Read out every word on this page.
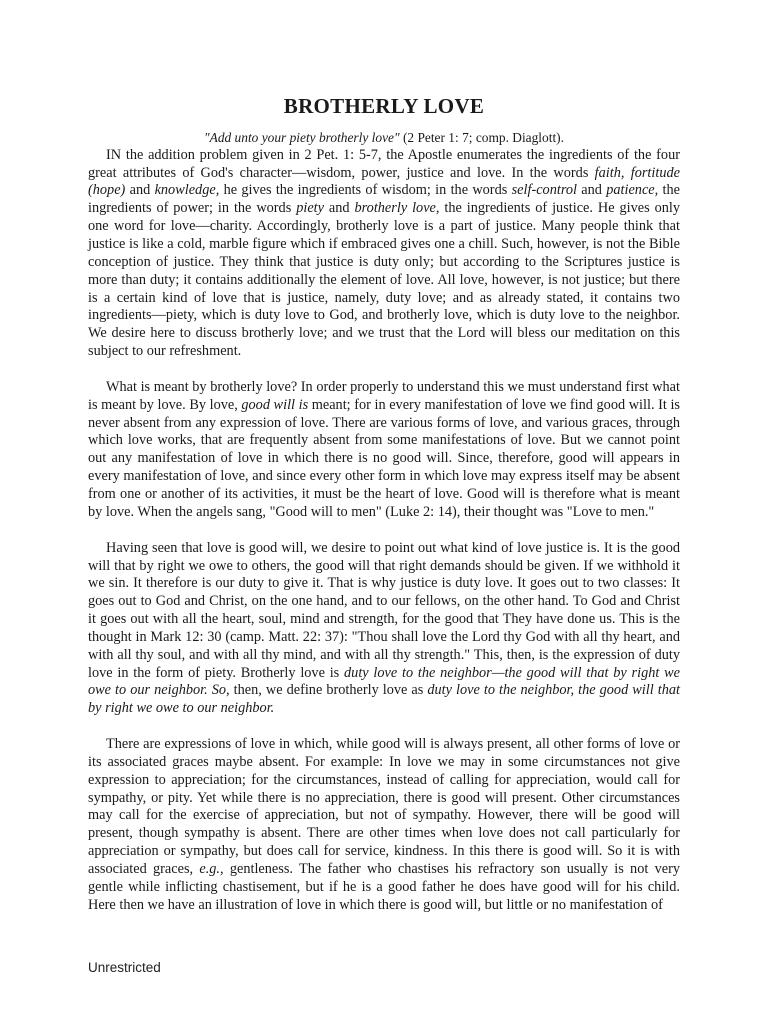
BROTHERLY LOVE

"Add unto your piety brotherly love" (2 Peter 1: 7; comp. Diaglott).

IN the addition problem given in 2 Pet. 1: 5-7, the Apostle enumerates the ingredients of the four great attributes of God's character—wisdom, power, justice and love. In the words faith, fortitude (hope) and knowledge, he gives the ingredients of wisdom; in the words self-control and patience, the ingredients of power; in the words piety and brotherly love, the ingredients of justice. He gives only one word for love—charity. Accordingly, brotherly love is a part of justice. Many people think that justice is like a cold, marble figure which if embraced gives one a chill. Such, however, is not the Bible conception of justice. They think that justice is duty only; but according to the Scriptures justice is more than duty; it contains additionally the element of love. All love, however, is not justice; but there is a certain kind of love that is justice, namely, duty love; and as already stated, it contains two ingredients—piety, which is duty love to God, and brotherly love, which is duty love to the neighbor. We desire here to discuss brotherly love; and we trust that the Lord will bless our meditation on this subject to our refreshment.

What is meant by brotherly love? In order properly to understand this we must understand first what is meant by love. By love, good will is meant; for in every manifestation of love we find good will. It is never absent from any expression of love. There are various forms of love, and various graces, through which love works, that are frequently absent from some manifestations of love. But we cannot point out any manifestation of love in which there is no good will. Since, therefore, good will appears in every manifestation of love, and since every other form in which love may express itself may be absent from one or another of its activities, it must be the heart of love. Good will is therefore what is meant by love. When the angels sang, "Good will to men" (Luke 2: 14), their thought was "Love to men."

Having seen that love is good will, we desire to point out what kind of love justice is. It is the good will that by right we owe to others, the good will that right demands should be given. If we withhold it we sin. It therefore is our duty to give it. That is why justice is duty love. It goes out to two classes: It goes out to God and Christ, on the one hand, and to our fellows, on the other hand. To God and Christ it goes out with all the heart, soul, mind and strength, for the good that They have done us. This is the thought in Mark 12: 30 (camp. Matt. 22: 37): "Thou shall love the Lord thy God with all thy heart, and with all thy soul, and with all thy mind, and with all thy strength." This, then, is the expression of duty love in the form of piety. Brotherly love is duty love to the neighbor—the good will that by right we owe to our neighbor. So, then, we define brotherly love as duty love to the neighbor, the good will that by right we owe to our neighbor.

There are expressions of love in which, while good will is always present, all other forms of love or its associated graces maybe absent. For example: In love we may in some circumstances not give expression to appreciation; for the circumstances, instead of calling for appreciation, would call for sympathy, or pity. Yet while there is no appreciation, there is good will present. Other circumstances may call for the exercise of appreciation, but not of sympathy. However, there will be good will present, though sympathy is absent. There are other times when love does not call particularly for appreciation or sympathy, but does call for service, kindness. In this there is good will. So it is with associated graces, e.g., gentleness. The father who chastises his refractory son usually is not very gentle while inflicting chastisement, but if he is a good father he does have good will for his child. Here then we have an illustration of love in which there is good will, but little or no manifestation of

Unrestricted
